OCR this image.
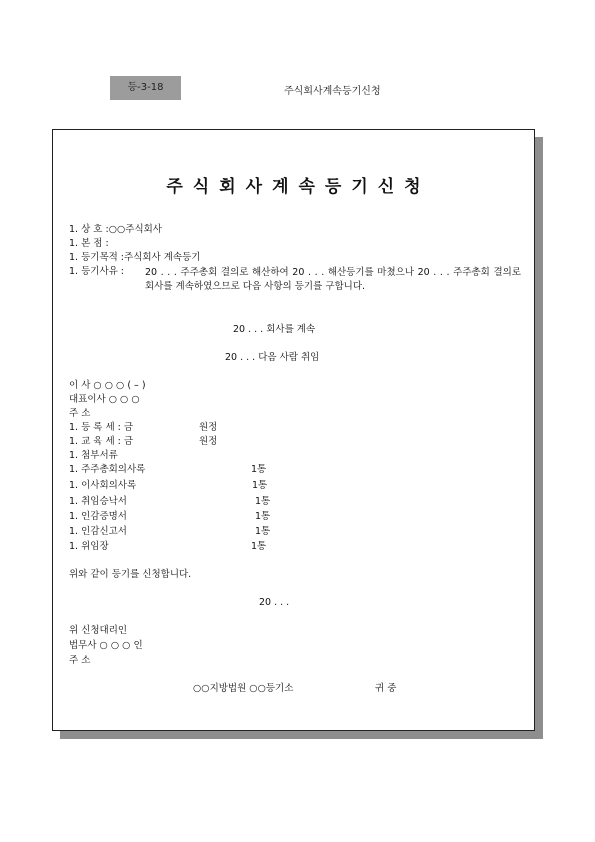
등-3-18	주식회사계속등기신청
주식회사계속등기신청
1. 상 호 :○○주식회사
1. 본 점 :
1. 등기목적 :주식회사 계속등기
1. 등기사유 : 20 . . . 주주총회 결의로 해산하여 20 . . . 해산등기를 마쳤으나 20 . . . 주주총회 결의로 회사를 계속하였으므로 다음 사항의 등기를 구합니다.
20 . . . 회사를 계속
20 . . . 다음 사람 취임
이 사 ○ ○ ○ ( – )
대표이사 ○ ○ ○
주 소
1. 등 록 세 : 금	원정
1. 교 육 세 : 금	원정
1. 첨부서류
1. 주주총회의사록	1통
1. 이사회의사록	1통
1. 취임승낙서	1통
1. 인감증명서	1통
1. 인감신고서	1통
1. 위임장	1통
위와 같이 등기를 신청합니다.
20 . . .
위 신청대리인
법무사 ○ ○ ○ 인
주 소
○○지방법원 ○○등기소	귀 중
